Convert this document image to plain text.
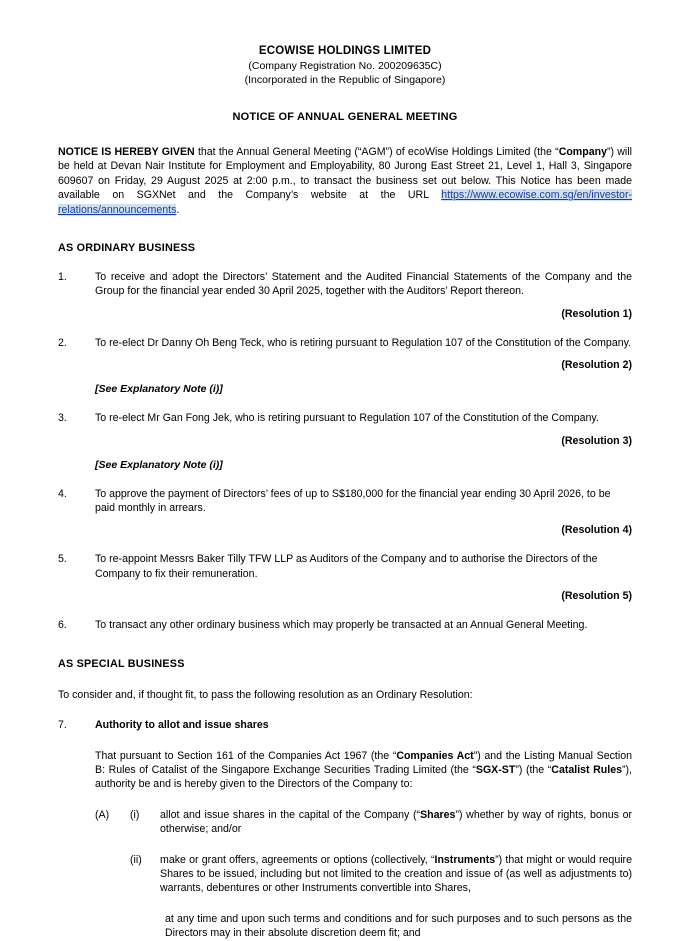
ECOWISE HOLDINGS LIMITED
(Company Registration No. 200209635C)
(Incorporated in the Republic of Singapore)
NOTICE OF ANNUAL GENERAL MEETING
NOTICE IS HEREBY GIVEN that the Annual General Meeting (“AGM”) of ecoWise Holdings Limited (the “Company”) will be held at Devan Nair Institute for Employment and Employability, 80 Jurong East Street 21, Level 1, Hall 3, Singapore 609607 on Friday, 29 August 2025 at 2:00 p.m., to transact the business set out below. This Notice has been made available on SGXNet and the Company’s website at the URL https://www.ecowise.com.sg/en/investor-relations/announcements.
AS ORDINARY BUSINESS
1.	To receive and adopt the Directors’ Statement and the Audited Financial Statements of the Company and the Group for the financial year ended 30 April 2025, together with the Auditors’ Report thereon.
(Resolution 1)
2.	To re-elect Dr Danny Oh Beng Teck, who is retiring pursuant to Regulation 107 of the Constitution of the Company.
(Resolution 2)
[See Explanatory Note (i)]
3.	To re-elect Mr Gan Fong Jek, who is retiring pursuant to Regulation 107 of the Constitution of the Company.
(Resolution 3)
[See Explanatory Note (i)]
4.	To approve the payment of Directors’ fees of up to S$180,000 for the financial year ending 30 April 2026, to be paid monthly in arrears.
(Resolution 4)
5.	To re-appoint Messrs Baker Tilly TFW LLP as Auditors of the Company and to authorise the Directors of the Company to fix their remuneration.
(Resolution 5)
6.	To transact any other ordinary business which may properly be transacted at an Annual General Meeting.
AS SPECIAL BUSINESS
To consider and, if thought fit, to pass the following resolution as an Ordinary Resolution:
7.	Authority to allot and issue shares
That pursuant to Section 161 of the Companies Act 1967 (the “Companies Act”) and the Listing Manual Section B: Rules of Catalist of the Singapore Exchange Securities Trading Limited (the “SGX-ST”) (the “Catalist Rules”), authority be and is hereby given to the Directors of the Company to:
(A)	(i)	allot and issue shares in the capital of the Company (“Shares”) whether by way of rights, bonus or otherwise; and/or
(ii)	make or grant offers, agreements or options (collectively, “Instruments”) that might or would require Shares to be issued, including but not limited to the creation and issue of (as well as adjustments to) warrants, debentures or other Instruments convertible into Shares,
at any time and upon such terms and conditions and for such purposes and to such persons as the Directors may in their absolute discretion deem fit; and
